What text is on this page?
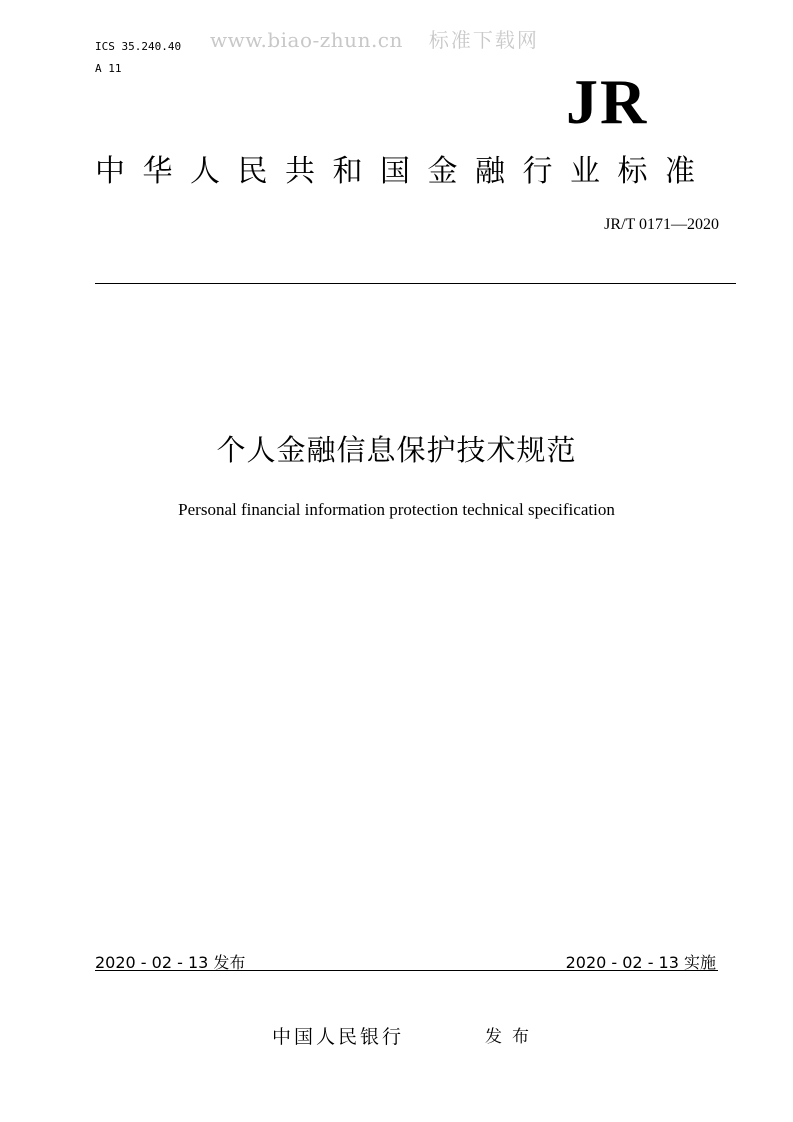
ICS 35.240.40
A 11
www.biao-zhun.cn 标准下载网
JR
中华人民共和国金融行业标准
JR/T 0171—2020
个人金融信息保护技术规范
Personal financial information protection technical specification
2020 - 02 - 13 发布	2020 - 02 - 13 实施
中国人民银行	发布
